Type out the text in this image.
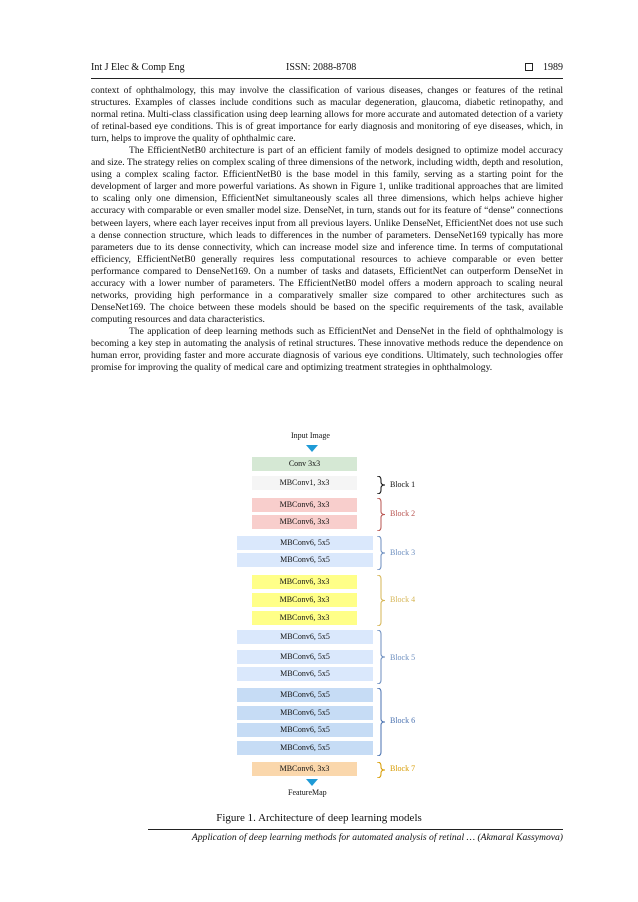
Int J Elec & Comp Eng	ISSN: 2088-8708	1989

context of ophthalmology, this may involve the classification of various diseases, changes or features of the retinal structures. Examples of classes include conditions such as macular degeneration, glaucoma, diabetic retinopathy, and normal retina. Multi-class classification using deep learning allows for more accurate and automated detection of a variety of retinal-based eye conditions. This is of great importance for early diagnosis and monitoring of eye diseases, which, in turn, helps to improve the quality of ophthalmic care.

The EfficientNetB0 architecture is part of an efficient family of models designed to optimize model accuracy and size. The strategy relies on complex scaling of three dimensions of the network, including width, depth and resolution, using a complex scaling factor. EfficientNetB0 is the base model in this family, serving as a starting point for the development of larger and more powerful variations. As shown in Figure 1, unlike traditional approaches that are limited to scaling only one dimension, EfficientNet simultaneously scales all three dimensions, which helps achieve higher accuracy with comparable or even smaller model size. DenseNet, in turn, stands out for its feature of “dense” connections between layers, where each layer receives input from all previous layers. Unlike DenseNet, EfficientNet does not use such a dense connection structure, which leads to differences in the number of parameters. DenseNet169 typically has more parameters due to its dense connectivity, which can increase model size and inference time. In terms of computational efficiency, EfficientNetB0 generally requires less computational resources to achieve comparable or even better performance compared to DenseNet169. On a number of tasks and datasets, EfficientNet can outperform DenseNet in accuracy with a lower number of parameters. The EfficientNetB0 model offers a modern approach to scaling neural networks, providing high performance in a comparatively smaller size compared to other architectures such as DenseNet169. The choice between these models should be based on the specific requirements of the task, available computing resources and data characteristics.

The application of deep learning methods such as EfficientNet and DenseNet in the field of ophthalmology is becoming a key step in automating the analysis of retinal structures. These innovative methods reduce the dependence on human error, providing faster and more accurate diagnosis of various eye conditions. Ultimately, such technologies offer promise for improving the quality of medical care and optimizing treatment strategies in ophthalmology.

Input Image
FeatureMap
Conv 3x3
MBConv1, 3x3
MBConv6, 3x3
MBConv6, 3x3
MBConv6, 5x5
MBConv6, 5x5
MBConv6, 3x3
MBConv6, 3x3
MBConv6, 3x3
MBConv6, 5x5
MBConv6, 5x5
MBConv6, 5x5
MBConv6, 5x5
MBConv6, 5x5
MBConv6, 5x5
MBConv6, 5x5
MBConv6, 3x3
Block 1
Block 2
Block 3
Block 4
Block 5
Block 6
Block 7
Figure 1. Architecture of deep learning models
Application of deep learning methods for automated analysis of retinal … (Akmaral Kassymova)
